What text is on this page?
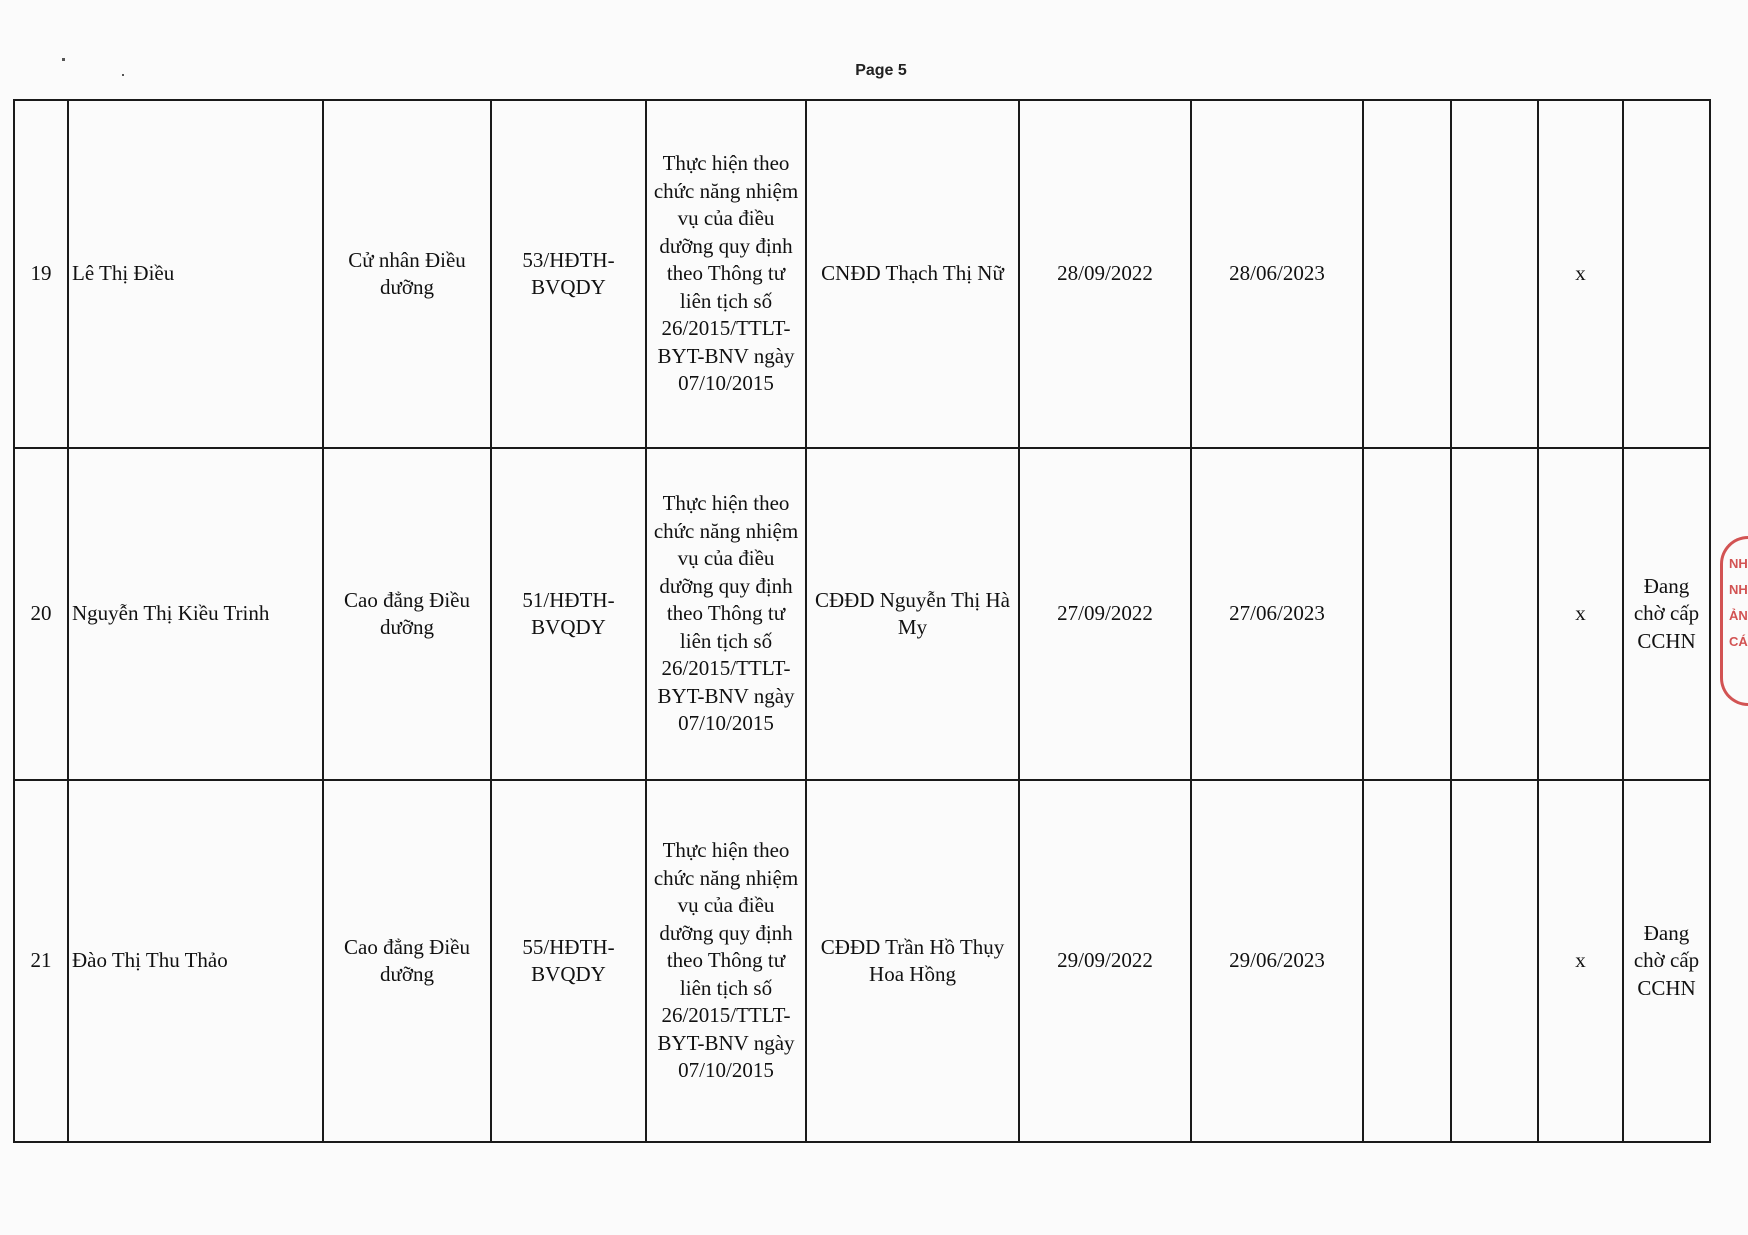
Page 5
19	Lê Thị Điều	Cử nhân Điều dưỡng	53/HĐTH-BVQDY	Thực hiện theo chức năng nhiệm vụ của điều dưỡng quy định theo Thông tư liên tịch số 26/2015/TTLT-BYT-BNV ngày 07/10/2015	CNĐD Thạch Thị Nữ	28/09/2022	28/06/2023			x	
20	Nguyễn Thị Kiều Trinh	Cao đẳng Điều dưỡng	51/HĐTH-BVQDY	Thực hiện theo chức năng nhiệm vụ của điều dưỡng quy định theo Thông tư liên tịch số 26/2015/TTLT-BYT-BNV ngày 07/10/2015	CĐĐD Nguyễn Thị Hà My	27/09/2022	27/06/2023			x	Đang chờ cấp CCHN
21	Đào Thị Thu Thảo	Cao đẳng Điều dưỡng	55/HĐTH-BVQDY	Thực hiện theo chức năng nhiệm vụ của điều dưỡng quy định theo Thông tư liên tịch số 26/2015/TTLT-BYT-BNV ngày 07/10/2015	CĐĐD Trần Hồ Thụy Hoa Hồng	29/09/2022	29/06/2023			x	Đang chờ cấp CCHN
NH
NH
ẢN
CÁ
